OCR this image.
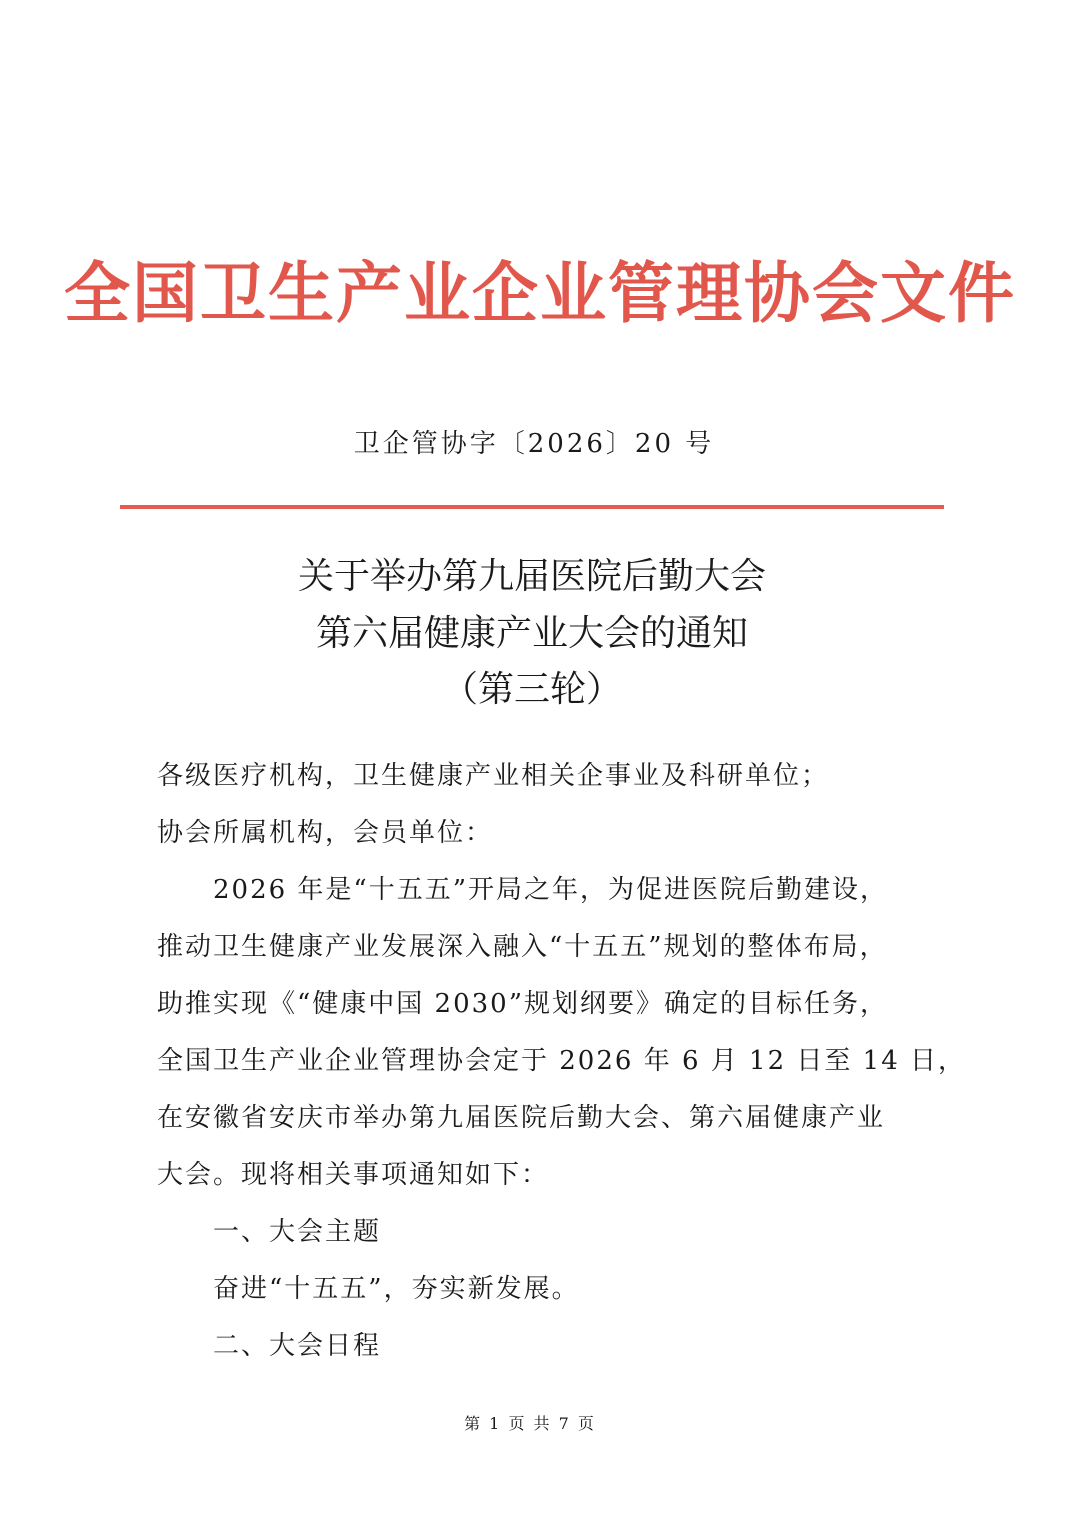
全国卫生产业企业管理协会文件
卫企管协字〔2026〕20 号
关于举办第九届医院后勤大会
第六届健康产业大会的通知
（第三轮）
各级医疗机构，卫生健康产业相关企事业及科研单位；
协会所属机构，会员单位：
2026 年是“十五五”开局之年，为促进医院后勤建设，
推动卫生健康产业发展深入融入“十五五”规划的整体布局，
助推实现《“健康中国 2030”规划纲要》确定的目标任务，
全国卫生产业企业管理协会定于 2026 年 6 月 12 日至 14 日，
在安徽省安庆市举办第九届医院后勤大会、第六届健康产业
大会。现将相关事项通知如下：
一、大会主题
奋进“十五五”，夯实新发展。
二、大会日程
第 1 页 共 7 页
